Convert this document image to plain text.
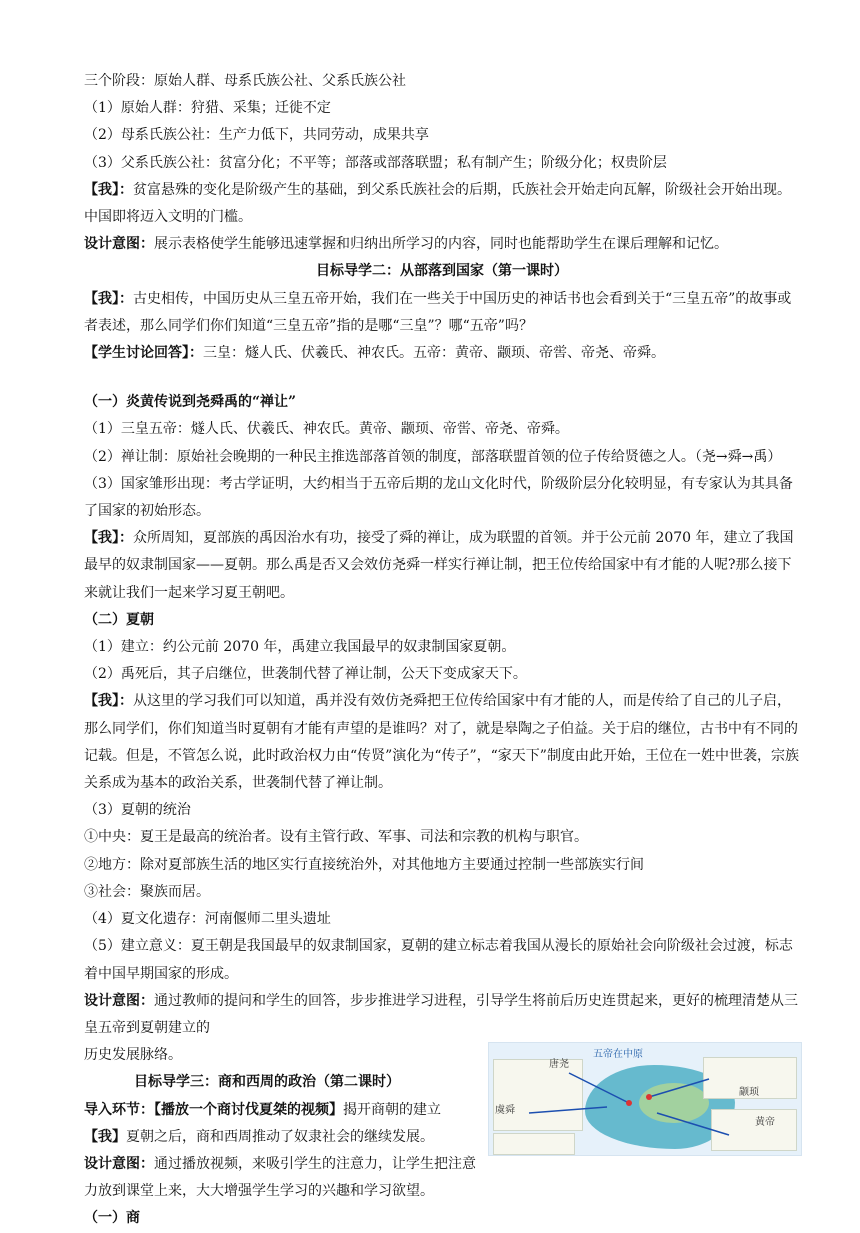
三个阶段：原始人群、母系氏族公社、父系氏族公社

（1）原始人群：狩猎、采集；迁徙不定

（2）母系氏族公社：生产力低下，共同劳动，成果共享

（3）父系氏族公社：贫富分化；不平等；部落或部落联盟；私有制产生；阶级分化；权贵阶层

【我】：贫富悬殊的变化是阶级产生的基础，到父系氏族社会的后期，氏族社会开始走向瓦解，阶级社会开始出现。中国即将迈入文明的门槛。

设计意图：展示表格使学生能够迅速掌握和归纳出所学习的内容，同时也能帮助学生在课后理解和记忆。

目标导学二：从部落到国家（第一课时）

【我】：古史相传，中国历史从三皇五帝开始，我们在一些关于中国历史的神话书也会看到关于“三皇五帝”的故事或者表述，那么同学们你们知道“三皇五帝”指的是哪“三皇”？哪“五帝”吗？

【学生讨论回答】：三皇：燧人氏、伏羲氏、神农氏。五帝：黄帝、颛顼、帝喾、帝尧、帝舜。

（一）炎黄传说到尧舜禹的“禅让”

（1）三皇五帝：燧人氏、伏羲氏、神农氏。黄帝、颛顼、帝喾、帝尧、帝舜。

（2）禅让制：原始社会晚期的一种民主推选部落首领的制度，部落联盟首领的位子传给贤德之人。（尧→舜→禹）

（3）国家雏形出现：考古学证明，大约相当于五帝后期的龙山文化时代，阶级阶层分化较明显，有专家认为其具备了国家的初始形态。

【我】：众所周知，夏部族的禹因治水有功，接受了舜的禅让，成为联盟的首领。并于公元前 2070 年，建立了我国最早的奴隶制国家——夏朝。那么禹是否又会效仿尧舜一样实行禅让制，把王位传给国家中有才能的人呢?那么接下来就让我们一起来学习夏王朝吧。

（二）夏朝

（1）建立：约公元前 2070 年，禹建立我国最早的奴隶制国家夏朝。

（2）禹死后，其子启继位，世袭制代替了禅让制，公天下变成家天下。

【我】：从这里的学习我们可以知道，禹并没有效仿尧舜把王位传给国家中有才能的人，而是传给了自己的儿子启，那么同学们，你们知道当时夏朝有才能有声望的是谁吗？对了，就是皋陶之子伯益。关于启的继位，古书中有不同的记载。但是，不管怎么说，此时政治权力由“传贤”演化为“传子”，“家天下”制度由此开始，王位在一姓中世袭，宗族关系成为基本的政治关系，世袭制代替了禅让制。

（3）夏朝的统治

①中央：夏王是最高的统治者。设有主管行政、军事、司法和宗教的机构与职官。

②地方：除对夏部族生活的地区实行直接统治外，对其他地方主要通过控制一些部族实行间

③社会：聚族而居。

（4）夏文化遗存：河南偃师二里头遗址

（5）建立意义：夏王朝是我国最早的奴隶制国家，夏朝的建立标志着我国从漫长的原始社会向阶级社会过渡，标志着中国早期国家的形成。

设计意图：通过教师的提问和学生的回答，步步推进学习进程，引导学生将前后历史连贯起来，更好的梳理清楚从三皇五帝到夏朝建立的

五帝在中原
唐尧
颛顼
虞舜
黄帝

历史发展脉络。

目标导学三：商和西周的政治（第二课时）

导入环节：【播放一个商讨伐夏桀的视频】揭开商朝的建立

【我】夏朝之后，商和西周推动了奴隶社会的继续发展。

设计意图：通过播放视频，来吸引学生的注意力，让学生把注意力放到课堂上来，大大增强学生学习的兴趣和学习欲望。

（一）商
